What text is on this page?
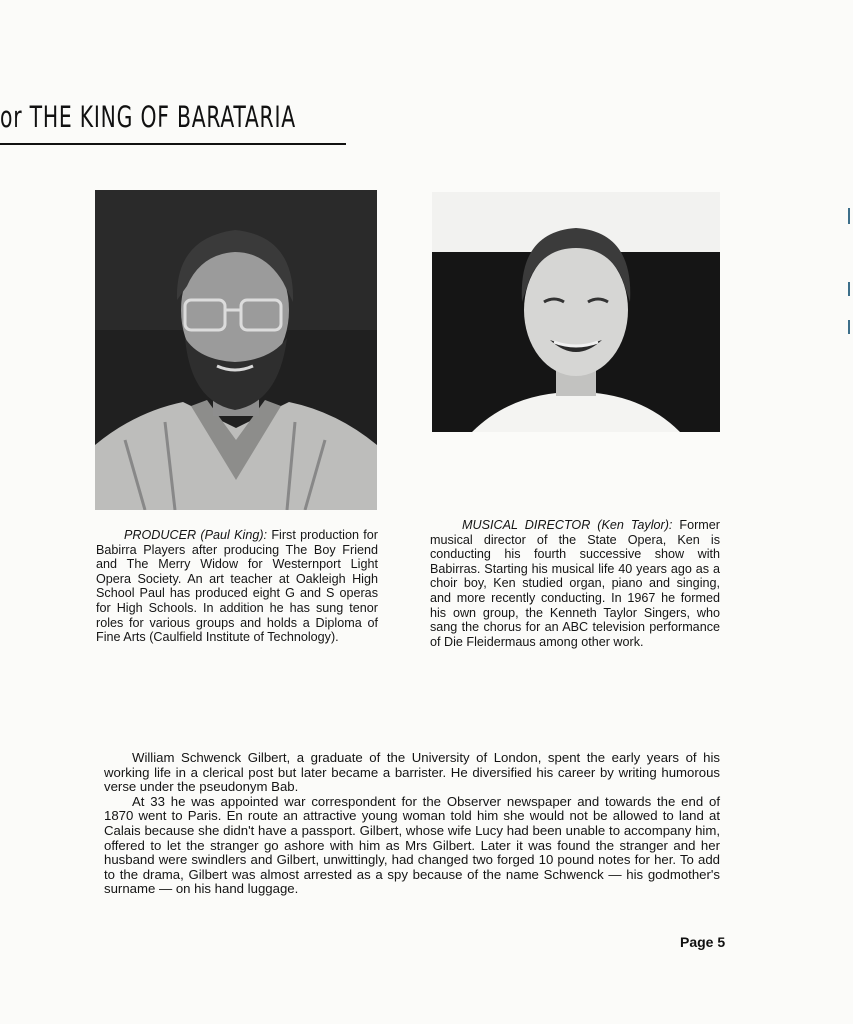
or THE KING OF BARATARIA
PRODUCER (Paul King): First production for Babirra Players after producing The Boy Friend and The Merry Widow for Westernport Light Opera Society. An art teacher at Oakleigh High School Paul has produced eight G and S operas for High Schools. In addition he has sung tenor roles for various groups and holds a Diploma of Fine Arts (Caulfield Institute of Technology).
MUSICAL DIRECTOR (Ken Taylor): Former musical director of the State Opera, Ken is conducting his fourth successive show with Babirras. Starting his musical life 40 years ago as a choir boy, Ken studied organ, piano and singing, and more recently conducting. In 1967 he formed his own group, the Kenneth Taylor Singers, who sang the chorus for an ABC television performance of Die Fleidermaus among other work.

William Schwenck Gilbert, a graduate of the University of London, spent the early years of his working life in a clerical post but later became a barrister. He diversified his career by writing humorous verse under the pseudonym Bab.

At 33 he was appointed war correspondent for the Observer newspaper and towards the end of 1870 went to Paris. En route an attractive young woman told him she would not be allowed to land at Calais because she didn't have a passport. Gilbert, whose wife Lucy had been unable to accompany him, offered to let the stranger go ashore with him as Mrs Gilbert. Later it was found the stranger and her husband were swindlers and Gilbert, unwittingly, had changed two forged 10 pound notes for her. To add to the drama, Gilbert was almost arrested as a spy because of the name Schwenck — his godmother's surname — on his hand luggage.

Page 5
